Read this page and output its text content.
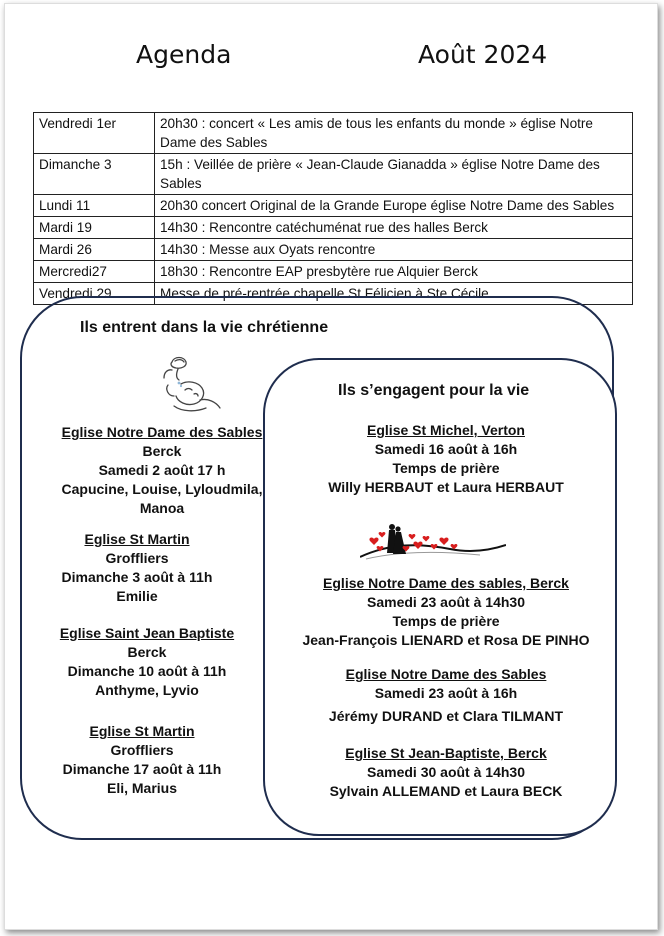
Agenda	Août 2024
Vendredi 1er	20h30 : concert « Les amis de tous les enfants du monde » église Notre Dame des Sables
Dimanche 3	15h : Veillée de prière « Jean-Claude Gianadda » église Notre Dame des Sables
Lundi 11	20h30 concert Original de la Grande Europe église Notre Dame des Sables
Mardi 19	14h30 : Rencontre catéchuménat rue des halles Berck
Mardi 26	14h30 : Messe aux Oyats rencontre
Mercredi27	18h30 : Rencontre EAP presbytère rue Alquier Berck
Vendredi 29	Messe de pré-rentrée chapelle St Félicien à Ste Cécile
Ils entrent dans la vie chrétienne
Ils s’engagent pour la vie
Eglise Notre Dame des Sables
Berck
Samedi 2 août 17 h
Capucine, Louise, Lyloudmila,
Manoa
Eglise St Martin
Groffliers
Dimanche 3 août à 11h
Emilie
Eglise Saint Jean Baptiste
Berck
Dimanche 10 août à 11h
Anthyme, Lyvio
Eglise St Martin
Groffliers
Dimanche 17 août à 11h
Eli, Marius
Eglise St Michel, Verton
Samedi 16 août à 16h
Temps de prière
Willy HERBAUT et Laura HERBAUT
Eglise Notre Dame des sables, Berck
Samedi 23 août à 14h30
Temps de prière
Jean-François LIENARD et Rosa DE PINHO
Eglise Notre Dame des Sables
Samedi 23 août à 16h
Jérémy DURAND et Clara TILMANT
Eglise St Jean-Baptiste, Berck
Samedi 30 août à 14h30
Sylvain ALLEMAND et Laura BECK
